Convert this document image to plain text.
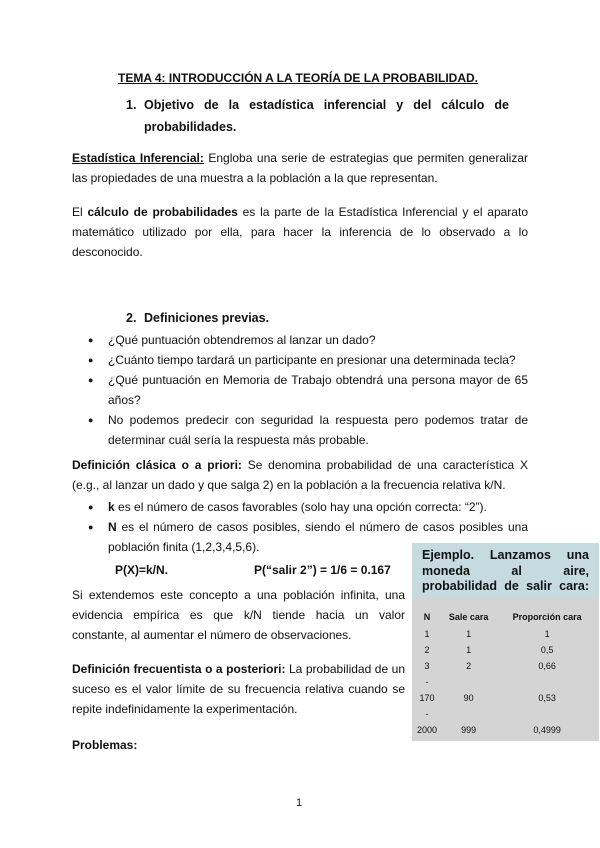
TEMA 4: INTRODUCCIÓN A LA TEORÍA DE LA PROBABILIDAD.
1. Objetivo de la estadística inferencial y del cálculo de
probabilidades.
Estadística Inferencial: Engloba una serie de estrategias que permiten generalizar las propiedades de una muestra a la población a la que representan.
El cálculo de probabilidades es la parte de la Estadística Inferencial y el aparato matemático utilizado por ella, para hacer la inferencia de lo observado a lo desconocido.
2. Definiciones previas.
● ¿Qué puntuación obtendremos al lanzar un dado?
● ¿Cuánto tiempo tardará un participante en presionar una determinada tecla?
● ¿Qué puntuación en Memoria de Trabajo obtendrá una persona mayor de 65 años?
● No podemos predecir con seguridad la respuesta pero podemos tratar de determinar cuál sería la respuesta más probable.
Definición clásica o a priori: Se denomina probabilidad de una característica X (e.g., al lanzar un dado y que salga 2) en la población a la frecuencia relativa k/N.
● k es el número de casos favorables (solo hay una opción correcta: “2”).
● N es el número de casos posibles, siendo el número de casos posibles una población finita (1,2,3,4,5,6).
P(X)=k/N.	P(“salir 2”) = 1/6 = 0.167
Si extendemos este concepto a una población infinita, una evidencia empírica es que k/N tiende hacia un valor constante, al aumentar el número de observaciones.
Definición frecuentista o a posteriori: La probabilidad de un suceso es el valor límite de su frecuencia relativa cuando se repite indefinidamente la experimentación.
Problemas:
Ejemplo. Lanzamos una moneda al aire, probabilidad de salir cara:
N	Sale cara	Proporción cara
1	1	1
2	1	0,5
3	2	0,66
-		
170	90	0,53
-		
2000	999	0,4999
1
